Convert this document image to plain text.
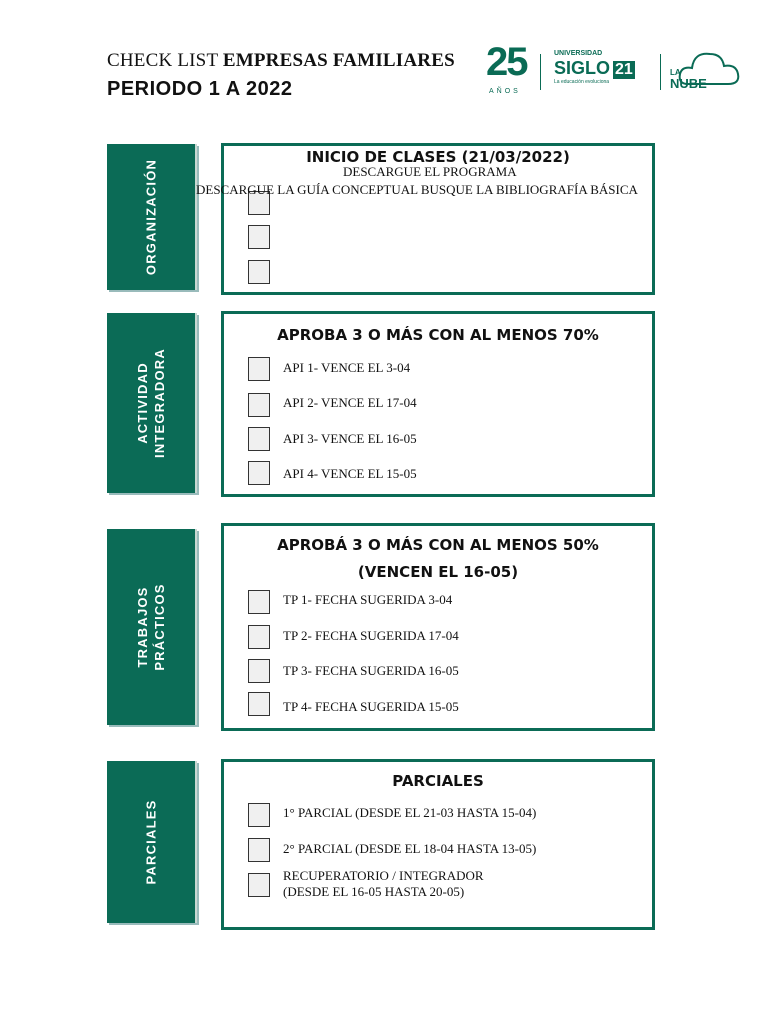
CHECK LIST EMPRESAS FAMILIARES
PERIODO 1 A 2022
25
AÑOS
UNIVERSIDAD
SIGLO 21
La educación evoluciona
LA
NUBE
ORGANIZACIÓN
INICIO DE CLASES (21/03/2022)
DESCARGUE EL PROGRAMA
DESCARGUE LA GUÍA CONCEPTUAL BUSQUE LA BIBLIOGRAFÍA BÁSICA
ACTIVIDAD INTEGRADORA
APROBA 3 O MÁS CON AL MENOS 70%
API 1- VENCE EL 3-04
API 2- VENCE EL 17-04
API 3- VENCE EL 16-05
API 4- VENCE EL 15-05
TRABAJOS PRÁCTICOS
APROBÁ 3 O MÁS CON AL MENOS 50%
(VENCEN EL 16-05)
TP 1- FECHA SUGERIDA 3-04
TP 2- FECHA SUGERIDA 17-04
TP 3- FECHA SUGERIDA 16-05
TP 4- FECHA SUGERIDA 15-05
PARCIALES
PARCIALES
1° PARCIAL (DESDE EL 21-03 HASTA 15-04)
2° PARCIAL (DESDE EL 18-04 HASTA 13-05)
RECUPERATORIO / INTEGRADOR
(DESDE EL 16-05 HASTA 20-05)
